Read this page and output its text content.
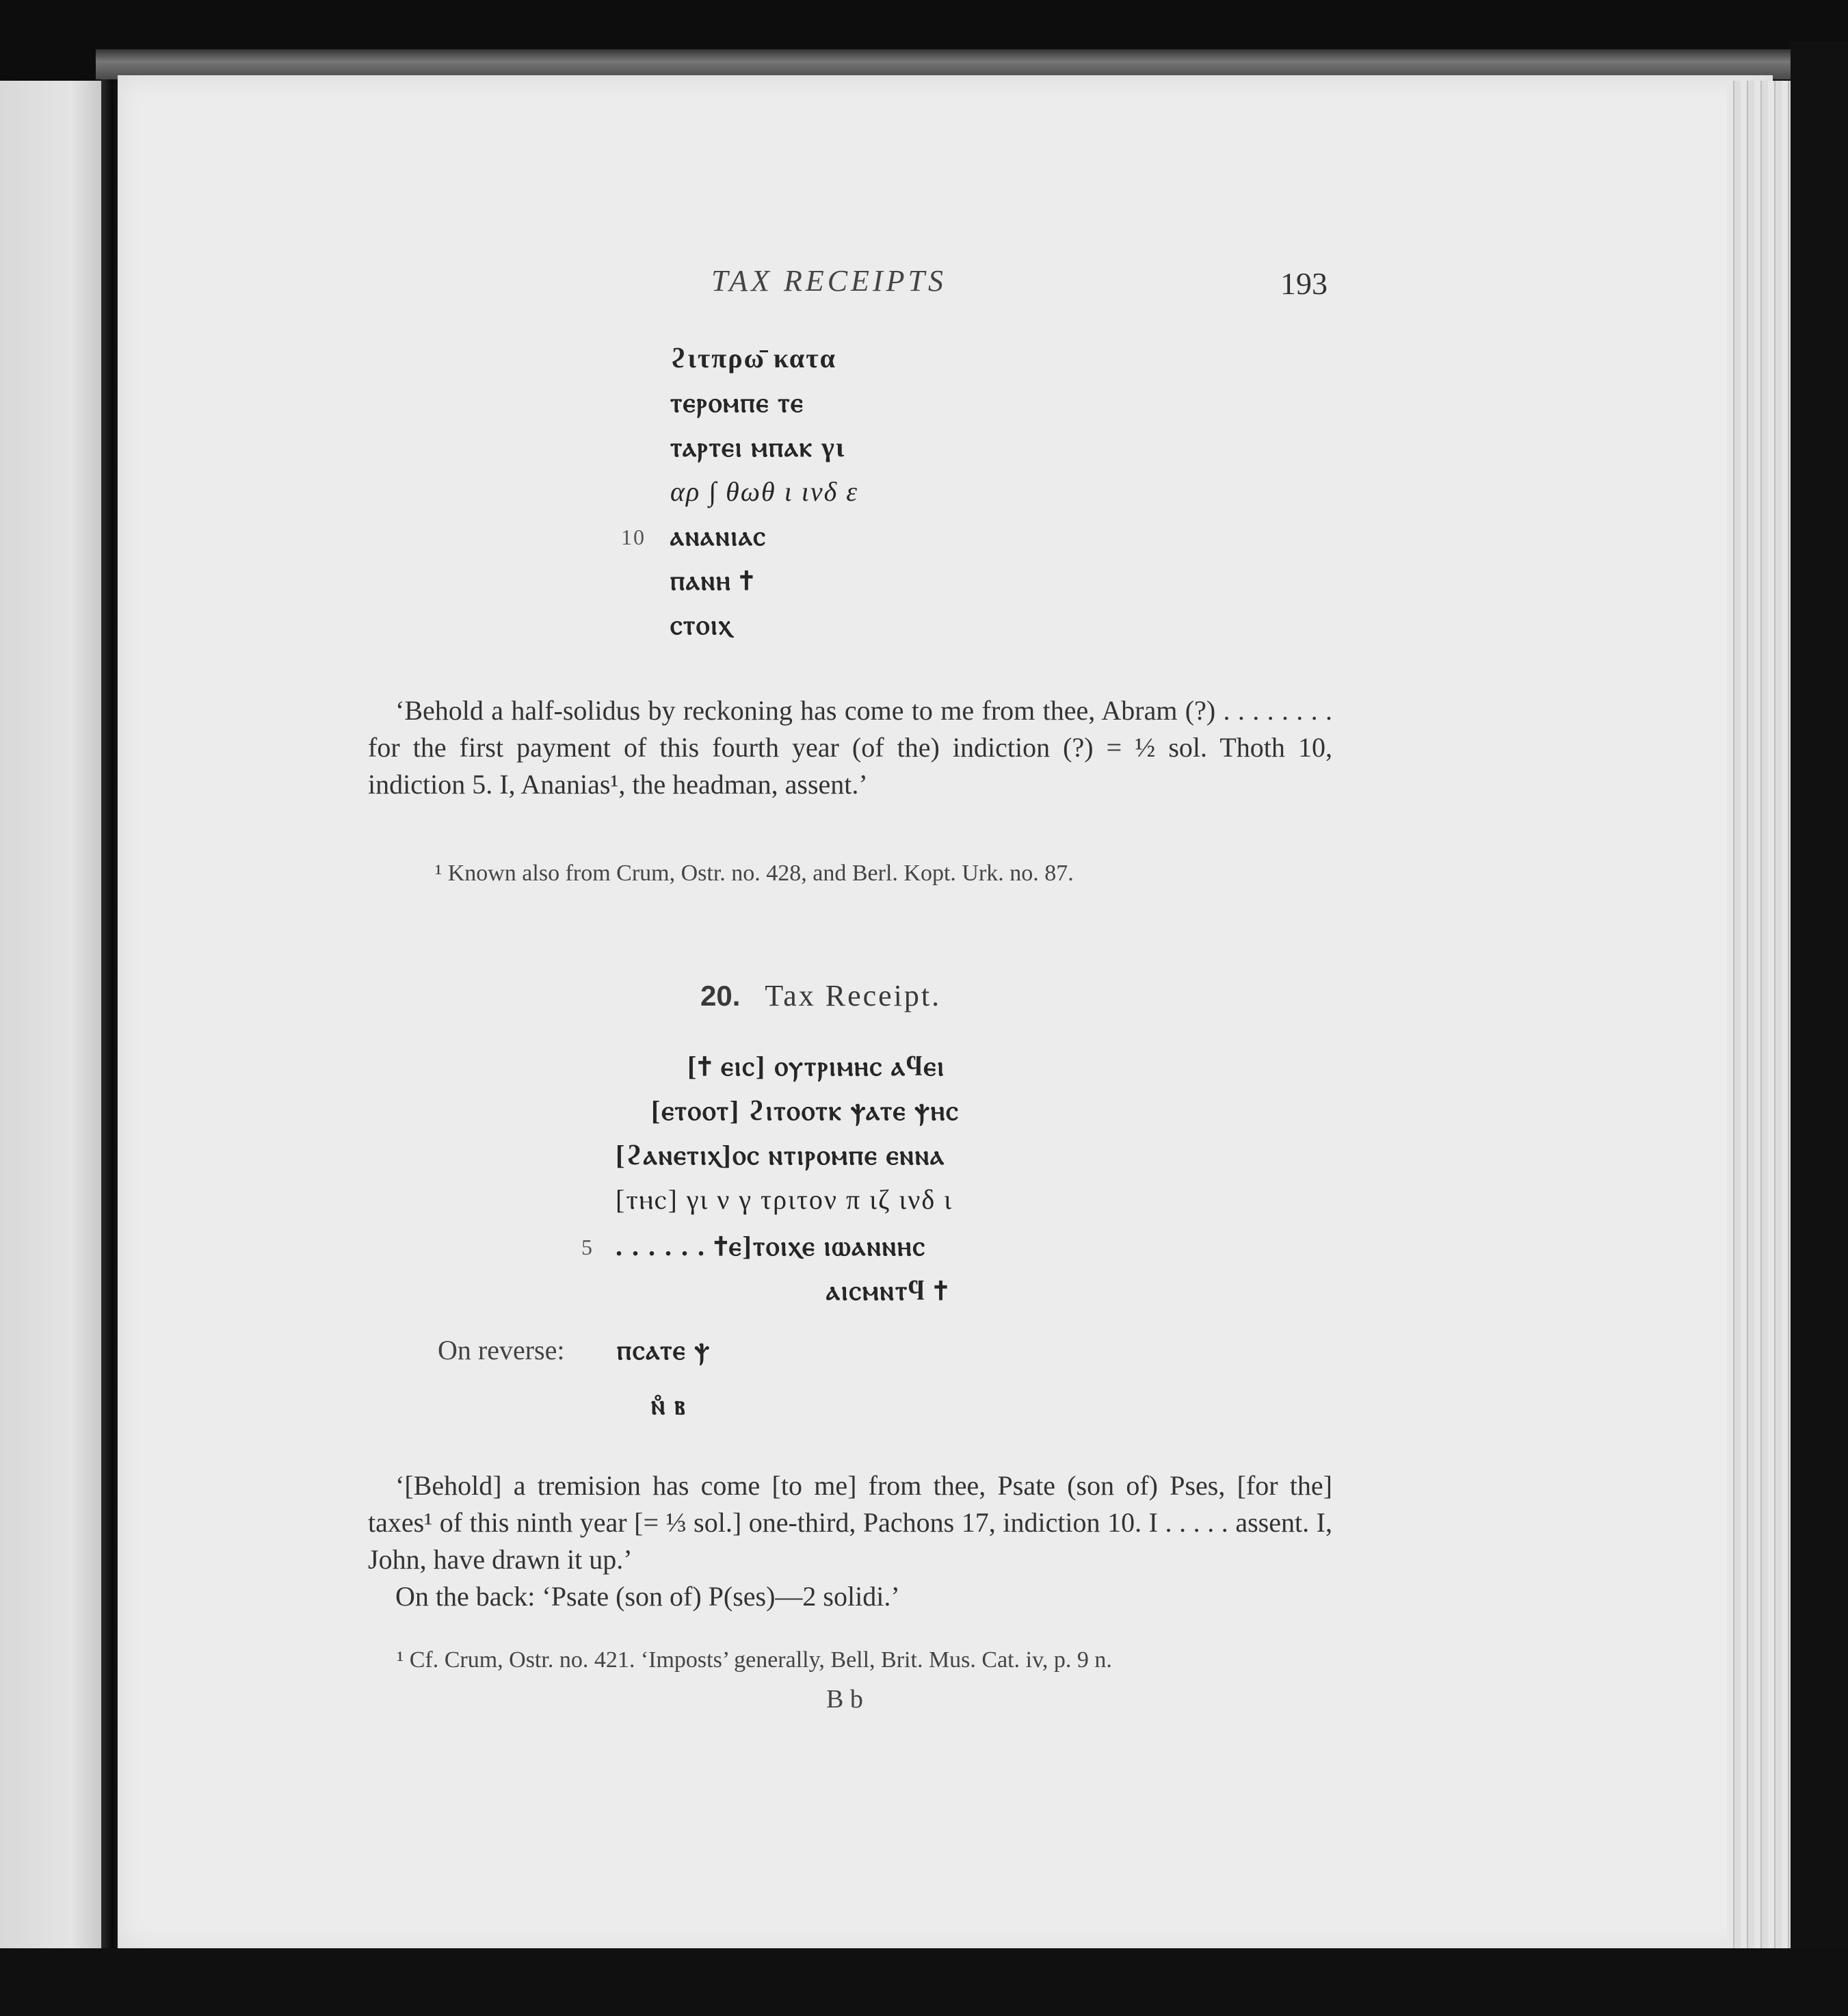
TAX RECEIPTS	193
ϩιτπρω̄ κατα
ⲧⲉⲣⲟⲙⲡⲉ ⲧⲉ
ⲧⲁⲣⲧⲉⲓ ⲙⲡⲁⲕ γι
αρ ∫ θωθ ι ινδ ε
10 ⲁⲛⲁⲛⲓⲁⲥ
ⲡⲁⲛⲏ ✝
ⲥⲧⲟⲓⲭ

‘Behold a half-solidus by reckoning has come to me from thee, Abram (?) . . . . . . . . for the first payment of this fourth year (of the) indiction (?) = ½ sol. Thoth 10, indiction 5. I, Ananias¹, the headman, assent.’

¹ Known also from Crum, Ostr. no. 428, and Berl. Kopt. Urk. no. 87.
20. Tax Receipt.
[✝ ⲉⲓⲥ] ⲟⲩⲧⲣⲓⲙⲏⲥ ⲁϥⲉⲓ
[ⲉⲧⲟⲟⲧ] ϩⲓⲧⲟⲟⲧⲕ ⲯⲁⲧⲉ ⲯⲏⲥ
[ϩⲁⲛⲉⲧⲓⲭ]ⲟⲥ ⲛⲧⲓⲣⲟⲙⲡⲉ ⲉⲛⲛⲁ
[ⲧⲏⲥ] γι ν γ τριτον π ιζ ινδ ι
5 . . . . . . ✝ⲉ]ⲧⲟⲓⲭⲉ ⲓⲱⲁⲛⲛⲏⲥ
ⲁⲓⲥⲙⲛⲧϥ ✝
On reverse: ⲡⲥⲁⲧⲉ ⲯ
ⲛ̊ ⲃ

‘[Behold] a tremision has come [to me] from thee, Psate (son of) Pses, [for the] taxes¹ of this ninth year [= ⅓ sol.] one-third, Pachons 17, indiction 10. I . . . . . assent. I, John, have drawn it up.’

On the back: ‘Psate (son of) P(ses)—2 solidi.’

¹ Cf. Crum, Ostr. no. 421. ‘Imposts’ generally, Bell, Brit. Mus. Cat. iv, p. 9 n.
B b
